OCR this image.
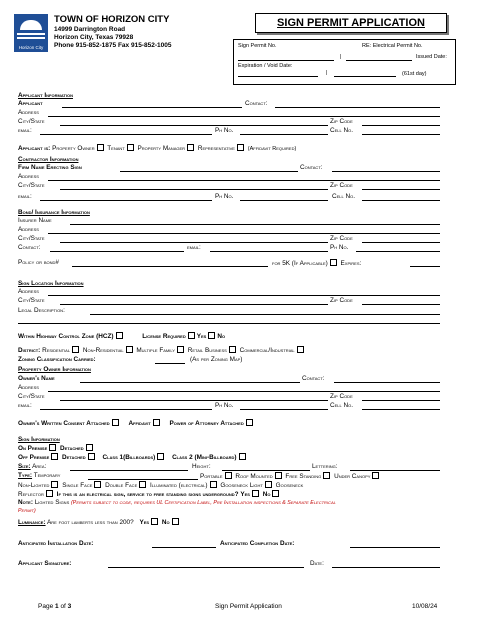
Horizon City
TOWN OF HORIZON CITY
14999 Darrington Road
Horizon City, Texas 79928
Phone 915-852-1875 Fax 915-852-1005
SIGN PERMIT APPLICATION
Sign Permit No.	RE: Electrical Permit No.
|	Issued Date:
Expiration / Void Date:
|	(61st day)
Applicant Information
Applicant	Contact:
Address
City/State	Zip Code
email:	Ph No.	Cell No.
Applicant is: Property Owner Tenant Property Manager Representative (Affidavit Required)
Contractor Information
Firm Name Erecting Sign	Contact:
Address
City/State	Zip Code
email:	Ph No.	Cell No.
Bond/ Insurance Information
Insurer Name
Address
City/State	Zip Code
Contact:	email:	Ph No.
Policy or bond#	for 5K (If Applicable) Expires:
Sign Location Information
Address
City/State	Zip Code
Legal Description:
Within Highway Control Zone (HCZ)	License Required Yes No
District: Residential Non-Residential Multiple Family Retail Business Commercial/Industrial
Zoning Classification Carried:	(As per Zoning Map)
Property Owner Information
Owner's Name	Contact:
Address
City/State	Zip Code
email:	Ph No.	Cell No.
Owner's Written Consent Attached	Affidavit	Power of Attorney Attached
Sign Information
On Premise Detached
Off Premise Detached	Class 1(Billboards)	Class 2 (Mini-Billboard)
Size: Area:	Height:	Lettering:
Type: Temporary	Portable Roof Mounted Free Standing Under Canopy
Non-Lighted Single Face Double Face Illuminated (electrical) Gooseneck Light Gooseneck
Reflector If this is an electrical sign, service to free standing signs underground? Yes No
Note: Lighted Signs (Permits subject to code, requires UL Certification Label, Pre Installation inspections & Separate Electrical
Permit)
Luminance: Are foot lamberts less than 200? Yes No
Anticipated Installation Date:	Anticipated Completion Date:
Applicant Signature:	Date:
Page 1 of 3	Sign Permit Application	10/08/24
